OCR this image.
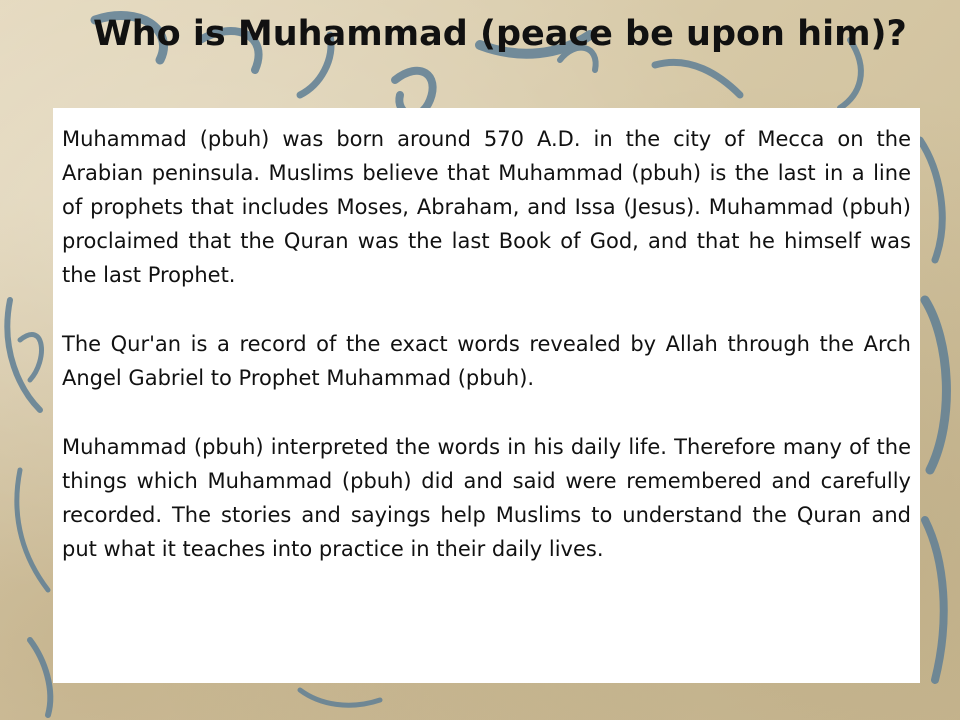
Who is Muhammad (peace be upon him)?

Muhammad (pbuh) was born around 570 A.D. in the city of Mecca on the Arabian peninsula. Muslims believe that Muhammad (pbuh) is the last in a line of prophets that includes Moses, Abraham, and Issa (Jesus). Muhammad (pbuh) proclaimed that the Quran was the last Book of God, and that he himself was the last Prophet.

The Qur'an is a record of the exact words revealed by Allah through the Arch Angel Gabriel to Prophet Muhammad (pbuh).

Muhammad (pbuh) interpreted the words in his daily life. Therefore many of the things which Muhammad (pbuh) did and said were remembered and carefully recorded. The stories and sayings help Muslims to understand the Quran and put what it teaches into practice in their daily lives.
